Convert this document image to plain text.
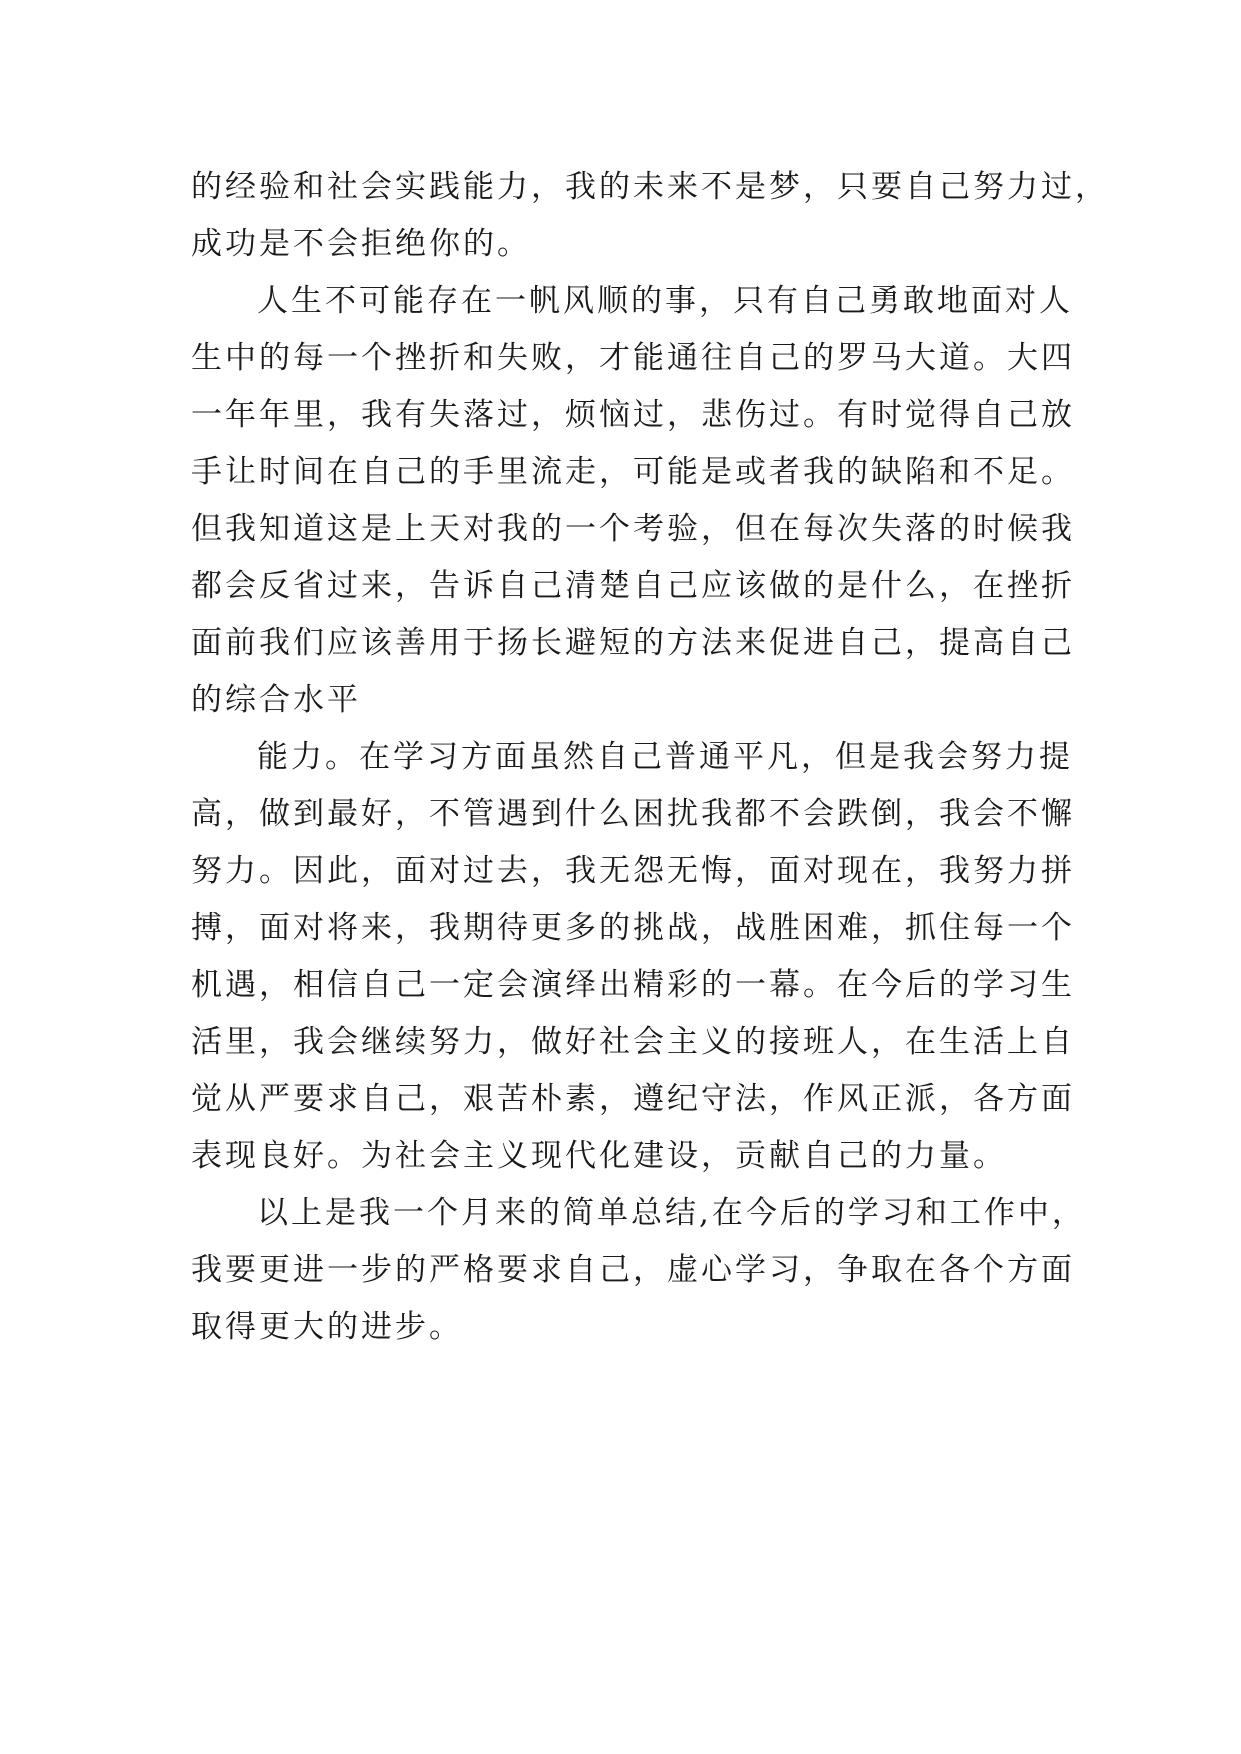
的经验和社会实践能力，我的未来不是梦，只要自己努力过，
成功是不会拒绝你的。
人生不可能存在一帆风顺的事，只有自己勇敢地面对人
生中的每一个挫折和失败，才能通往自己的罗马大道。大四
一年年里，我有失落过，烦恼过，悲伤过。有时觉得自己放
手让时间在自己的手里流走，可能是或者我的缺陷和不足。
但我知道这是上天对我的一个考验，但在每次失落的时候我
都会反省过来，告诉自己清楚自己应该做的是什么，在挫折
面前我们应该善用于扬长避短的方法来促进自己，提高自己
的综合水平
能力。在学习方面虽然自己普通平凡，但是我会努力提
高，做到最好，不管遇到什么困扰我都不会跌倒，我会不懈
努力。因此，面对过去，我无怨无悔，面对现在，我努力拼
搏，面对将来，我期待更多的挑战，战胜困难，抓住每一个
机遇，相信自己一定会演绎出精彩的一幕。在今后的学习生
活里，我会继续努力，做好社会主义的接班人，在生活上自
觉从严要求自己，艰苦朴素，遵纪守法，作风正派，各方面
表现良好。为社会主义现代化建设，贡献自己的力量。
以上是我一个月来的简单总结,在今后的学习和工作中，
我要更进一步的严格要求自己，虚心学习，争取在各个方面
取得更大的进步。
